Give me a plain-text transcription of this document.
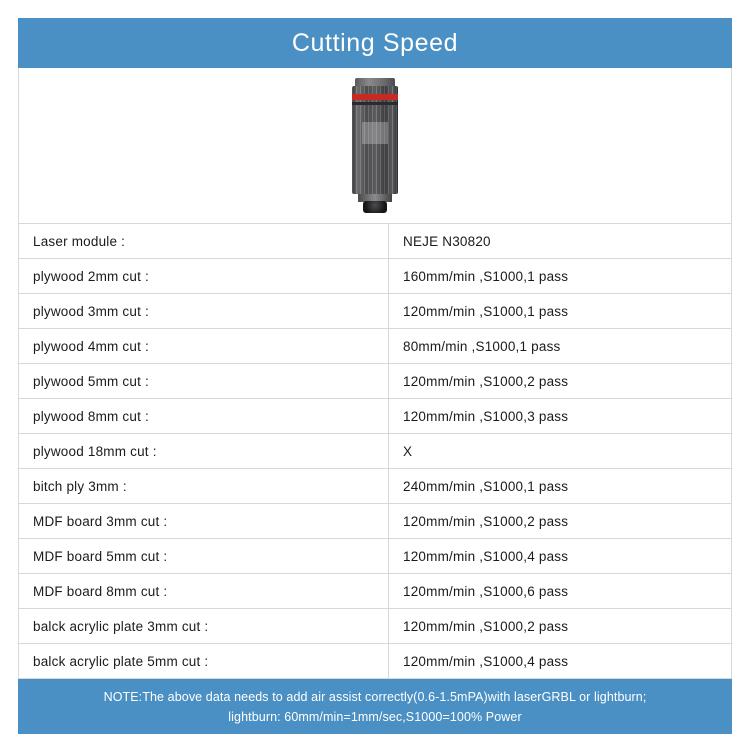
Cutting Speed
Laser module :	NEJE N30820
plywood 2mm cut :	160mm/min ,S1000,1 pass
plywood 3mm cut :	120mm/min ,S1000,1 pass
plywood 4mm cut :	80mm/min ,S1000,1 pass
plywood 5mm cut :	120mm/min ,S1000,2 pass
plywood 8mm cut :	120mm/min ,S1000,3 pass
plywood 18mm cut :	X
bitch ply 3mm :	240mm/min ,S1000,1 pass
MDF board 3mm cut :	120mm/min ,S1000,2 pass
MDF board 5mm cut :	120mm/min ,S1000,4 pass
MDF board 8mm cut :	120mm/min ,S1000,6 pass
balck acrylic plate 3mm cut :	120mm/min ,S1000,2 pass
balck acrylic plate 5mm cut :	120mm/min ,S1000,4 pass
NOTE:The above data needs to add air assist correctly(0.6-1.5mPA)with laserGRBL or lightburn;
lightburn: 60mm/min=1mm/sec,S1000=100% Power
